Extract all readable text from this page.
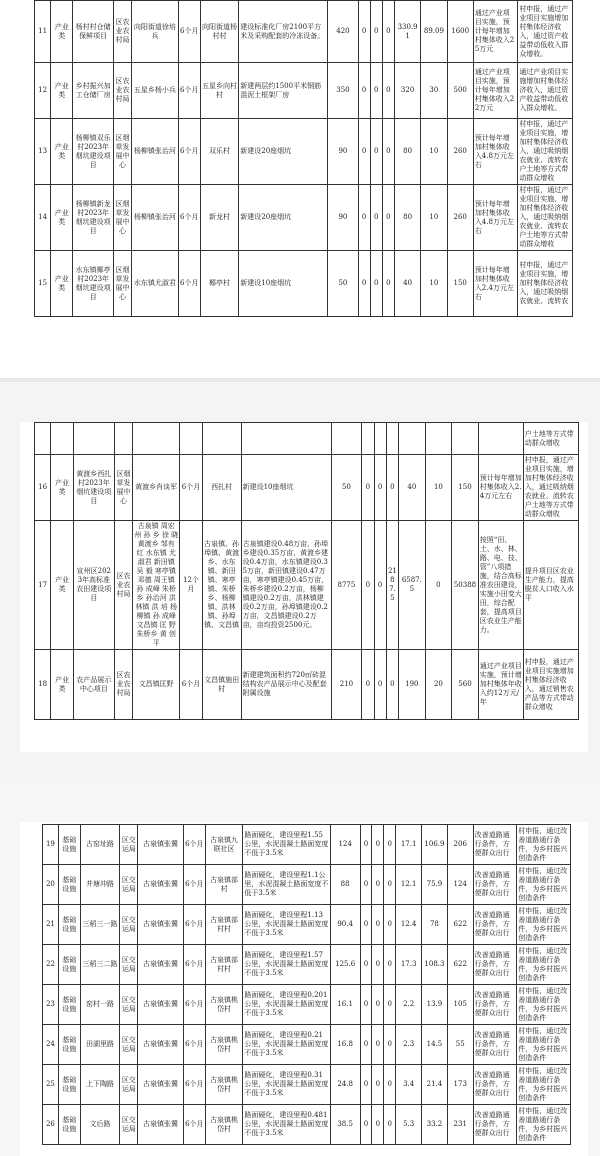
11	产业类	杨村村仓储保鲜项目	区农业农村局	向阳街道徐培兵	6个月	向阳街道杨村村	建设标准化厂房2100平方米及采购配套的冷冻设备。	420	0	0	0	330.91	89.09	1600	通过产业项目实施，预计每年增加村集体收入25万元	村申报，通过产业项目实施增加村集体经济收入，通过资产收益带动低收入群众增收。
12	产业类	乡村振兴加工仓储厂房	区农业农村局	五星乡杨小兵	6个月	五星乡向村村	新建两层约1500平米钢筋混泥土框架厂房	350	0	0	0	320	30	500	通过产业项目实施，预计每年增加村集体收入22万元	通过产业项目实施增加村集体经济收入，通过资产收益带动低收入群众增收。
13	产业类	杨柳镇双乐村2023年烟坑建设项目	区烟草发展中心	杨柳镇张治河	6个月	双乐村	新建设20座烟坑	90	0	0	0	80	10	260	预计每年增加村集体收入4.8万元左右	村申报，通过产业项目实施，增加村集体经济收入，通过吸纳烟农就业、流转农户土地等方式带动群众增收
14	产业类	杨柳镇新龙村2023年烟坑建设项目	区烟草发展中心	杨柳镇张治河	6个月	新龙村	新建设20座烟坑	90	0	0	0	80	10	260	预计每年增加村集体收入4.8万元左右	村申报，通过产业项目实施，增加村集体经济收入，通过吸纳烟农就业、流转农户土地等方式带动群众增收
15	产业类	水东镇椰亭村2023年烟坑建设项目	区烟草发展中心	水东镇尤淑君	6个月	椰亭村	新建设10座烟坑	50	0	0	0	40	10	150	预计每年增加村集体收入2.4万元左右	村申报，通过产业项目实施，增加村集体经济收入，通过吸纳烟农就业、流转农
																户土地等方式带动群众增收
16	产业类	黄渡乡西扎村2023年烟坑建设项目	区烟草发展中心	黄渡乡肖谈军	6个月	西扎村	新建设10座烟坑	50	0	0	0	40	10	150	预计每年增加村集体收入2.4万元左右	村申报，通过产业项目实施，增加村集体经济收入，通过吸纳烟农就业、流转农户土地等方式带动群众增收
17	产业类	宣州区2023年高标准农田建设项目	区农业农村局	古泉镇 周宏州 孙 乡 徐 晓 黄渡乡 邹有红 水东镇 尤淑君 新田镇 吴 毅 寒亭镇 邓德 周王镇 孙 成峰 朱桥乡 孙治河 洪林镇 洪 培 杨柳镇 孙 成峰 文昌镇 匡 野 朱桥乡 黄 创 平	12个月	古泉镇、孙埠镇、黄渡乡、水东镇、新田镇、寒亭镇、朱桥乡、杨柳镇、洪林镇、孙埠镇、文昌镇	古泉镇建设0.48万亩，孙埠乡建设0.35万亩，黄渡乡建设0.4万亩，水东镇建设0.35万亩，新田镇建设0.47万亩，寒亭镇建设0.45万亩，朱桥乡建设0.2万亩，杨柳镇建设0.2万亩，洪林镇建设0.2万亩，孙埠镇建设0.2万亩，文昌镇建设0.2万亩，亩均投资2500元。	8775	0	0	2187.5	6587.5	0	50388	按照“田、土、水、林、路、电、技、管”八项措施，结合高标准农田建设，实施小田变大田，综合配套，提高项目区农业生产能力。	提升项目区农业生产能力，提高脱贫人口收入水平
18	产业类	农产品展示中心项目	区农业农村局	文昌镇匡野	6个月	文昌镇施田村	新建建筑面积约720㎡砖混结构农产品展示中心及配套附属设施	210	0	0	0	190	20	560	通过产业项目实施，预计增加村集体年收入约12万元/年	村申报，通过产业项目实施增加村集体经济收入，通过销售农产品等方式带动群众增收
19	基础设施	古窑址路	区交运局	古泉镇张冀	6个月	古泉镇九联社区	路面硬化，建设里程1.55公里，水泥混凝土路面宽度不低于3.5米	124	0	0	0	17.1	106.9	206	改善道路通行条件，方便群众出行	村申报，通过改善道路通行条件，为乡村振兴创造条件
20	基础设施	井塘冲路	区交运局	古泉镇张冀	6个月	古泉镇部村	路面硬化，建设里程1.1公里，水泥混凝土路面宽度不低于3.5米	88	0	0	0	12.1	75.9	124	改善道路通行条件，方便群众出行	村申报，通过改善道路通行条件，为乡村振兴创造条件
21	基础设施	三稻三一路	区交运局	古泉镇张冀	6个月	古泉镇部村村	路面硬化，建设里程1.13公里，水泥混凝土路面宽度不低于3.5米	90.4	0	0	0	12.4	78	622	改善道路通行条件，方便群众出行	村申报，通过改善道路通行条件，为乡村振兴创造条件
22	基础设施	三稻三二路	区交运局	古泉镇张冀	6个月	古泉镇部村村	路面硬化，建设里程1.57公里，水泥混凝土路面宽度不低于3.5米	125.6	0	0	0	17.3	108.3	622	改善道路通行条件，方便群众出行	村申报，通过改善道路通行条件，为乡村振兴创造条件
23	基础设施	窑村一路	区交运局	古泉镇张冀	6个月	古泉镇桃岱村	路面硬化，建设里程0.201公里，水泥混凝土路面宽度不低于3.5米	16.1	0	0	0	2.2	13.9	105	改善道路通行条件，方便群众出行	村申报，通过改善道路通行条件，为乡村振兴创造条件
24	基础设施	田湖里路	区交运局	古泉镇张冀	6个月	古泉镇桃岱村	路面硬化，建设里程0.21公里，水泥混凝土路面宽度不低于3.5米	16.8	0	0	0	2.3	14.5	55	改善道路通行条件，方便群众出行	村申报，通过改善道路通行条件，为乡村振兴创造条件
25	基础设施	上下陶路	区交运局	古泉镇张冀	6个月	古泉镇桃岱村	路面硬化，建设里程0.31公里，水泥混凝土路面宽度不低于3.5米	24.8	0	0	0	3.4	21.4	173	改善道路通行条件，方便群众出行	村申报，通过改善道路通行条件，为乡村振兴创造条件
26	基础设施	文后路	区交运局	古泉镇张冀	6个月	古泉镇桃岱村	路面硬化，建设里程0.481公里，水泥混凝土路面宽度不低于3.5米	38.5	0	0	0	5.3	33.2	231	改善道路通行条件，方便群众出行	村申报，通过改善道路通行条件，为乡村振兴创造条件
